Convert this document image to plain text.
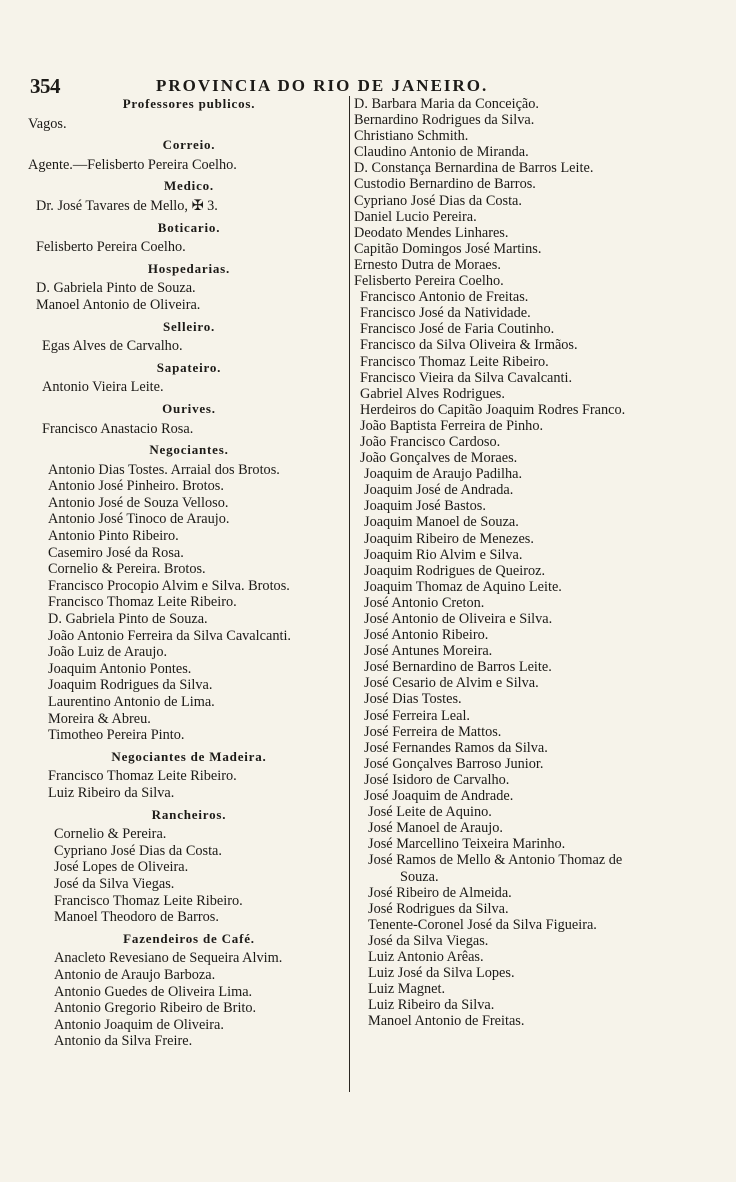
354	PROVINCIA DO RIO DE JANEIRO.
Professores publicos.
Vagos.
Correio.
Agente.—Felisberto Pereira Coelho.
Medico.
Dr. José Tavares de Mello, ✠ 3.
Boticario.
Felisberto Pereira Coelho.
Hospedarias.
D. Gabriela Pinto de Souza.
Manoel Antonio de Oliveira.
Selleiro.
Egas Alves de Carvalho.
Sapateiro.
Antonio Vieira Leite.
Ourives.
Francisco Anastacio Rosa.
Negociantes.
Antonio Dias Tostes. Arraial dos Brotos.
Antonio José Pinheiro. Brotos.
Antonio José de Souza Velloso.
Antonio José Tinoco de Araujo.
Antonio Pinto Ribeiro.
Casemiro José da Rosa.
Cornelio & Pereira. Brotos.
Francisco Procopio Alvim e Silva. Brotos.
Francisco Thomaz Leite Ribeiro.
D. Gabriela Pinto de Souza.
João Antonio Ferreira da Silva Cavalcanti.
João Luiz de Araujo.
Joaquim Antonio Pontes.
Joaquim Rodrigues da Silva.
Laurentino Antonio de Lima.
Moreira & Abreu.
Timotheo Pereira Pinto.
Negociantes de Madeira.
Francisco Thomaz Leite Ribeiro.
Luiz Ribeiro da Silva.
Rancheiros.
Cornelio & Pereira.
Cypriano José Dias da Costa.
José Lopes de Oliveira.
José da Silva Viegas.
Francisco Thomaz Leite Ribeiro.
Manoel Theodoro de Barros.
Fazendeiros de Café.
Anacleto Revesiano de Sequeira Alvim.
Antonio de Araujo Barboza.
Antonio Guedes de Oliveira Lima.
Antonio Gregorio Ribeiro de Brito.
Antonio Joaquim de Oliveira.
Antonio da Silva Freire.
D. Barbara Maria da Conceição.
Bernardino Rodrigues da Silva.
Christiano Schmith.
Claudino Antonio de Miranda.
D. Constança Bernardina de Barros Leite.
Custodio Bernardino de Barros.
Cypriano José Dias da Costa.
Daniel Lucio Pereira.
Deodato Mendes Linhares.
Capitão Domingos José Martins.
Ernesto Dutra de Moraes.
Felisberto Pereira Coelho.
Francisco Antonio de Freitas.
Francisco José da Natividade.
Francisco José de Faria Coutinho.
Francisco da Silva Oliveira & Irmãos.
Francisco Thomaz Leite Ribeiro.
Francisco Vieira da Silva Cavalcanti.
Gabriel Alves Rodrigues.
Herdeiros do Capitão Joaquim Rodres Franco.
João Baptista Ferreira de Pinho.
João Francisco Cardoso.
João Gonçalves de Moraes.
Joaquim de Araujo Padilha.
Joaquim José de Andrada.
Joaquim José Bastos.
Joaquim Manoel de Souza.
Joaquim Ribeiro de Menezes.
Joaquim Rio Alvim e Silva.
Joaquim Rodrigues de Queiroz.
Joaquim Thomaz de Aquino Leite.
José Antonio Creton.
José Antonio de Oliveira e Silva.
José Antonio Ribeiro.
José Antunes Moreira.
José Bernardino de Barros Leite.
José Cesario de Alvim e Silva.
José Dias Tostes.
José Ferreira Leal.
José Ferreira de Mattos.
José Fernandes Ramos da Silva.
José Gonçalves Barroso Junior.
José Isidoro de Carvalho.
José Joaquim de Andrade.
José Leite de Aquino.
José Manoel de Araujo.
José Marcellino Teixeira Marinho.
José Ramos de Mello & Antonio Thomaz de
Souza.
José Ribeiro de Almeida.
José Rodrigues da Silva.
Tenente-Coronel José da Silva Figueira.
José da Silva Viegas.
Luiz Antonio Arêas.
Luiz José da Silva Lopes.
Luiz Magnet.
Luiz Ribeiro da Silva.
Manoel Antonio de Freitas.
